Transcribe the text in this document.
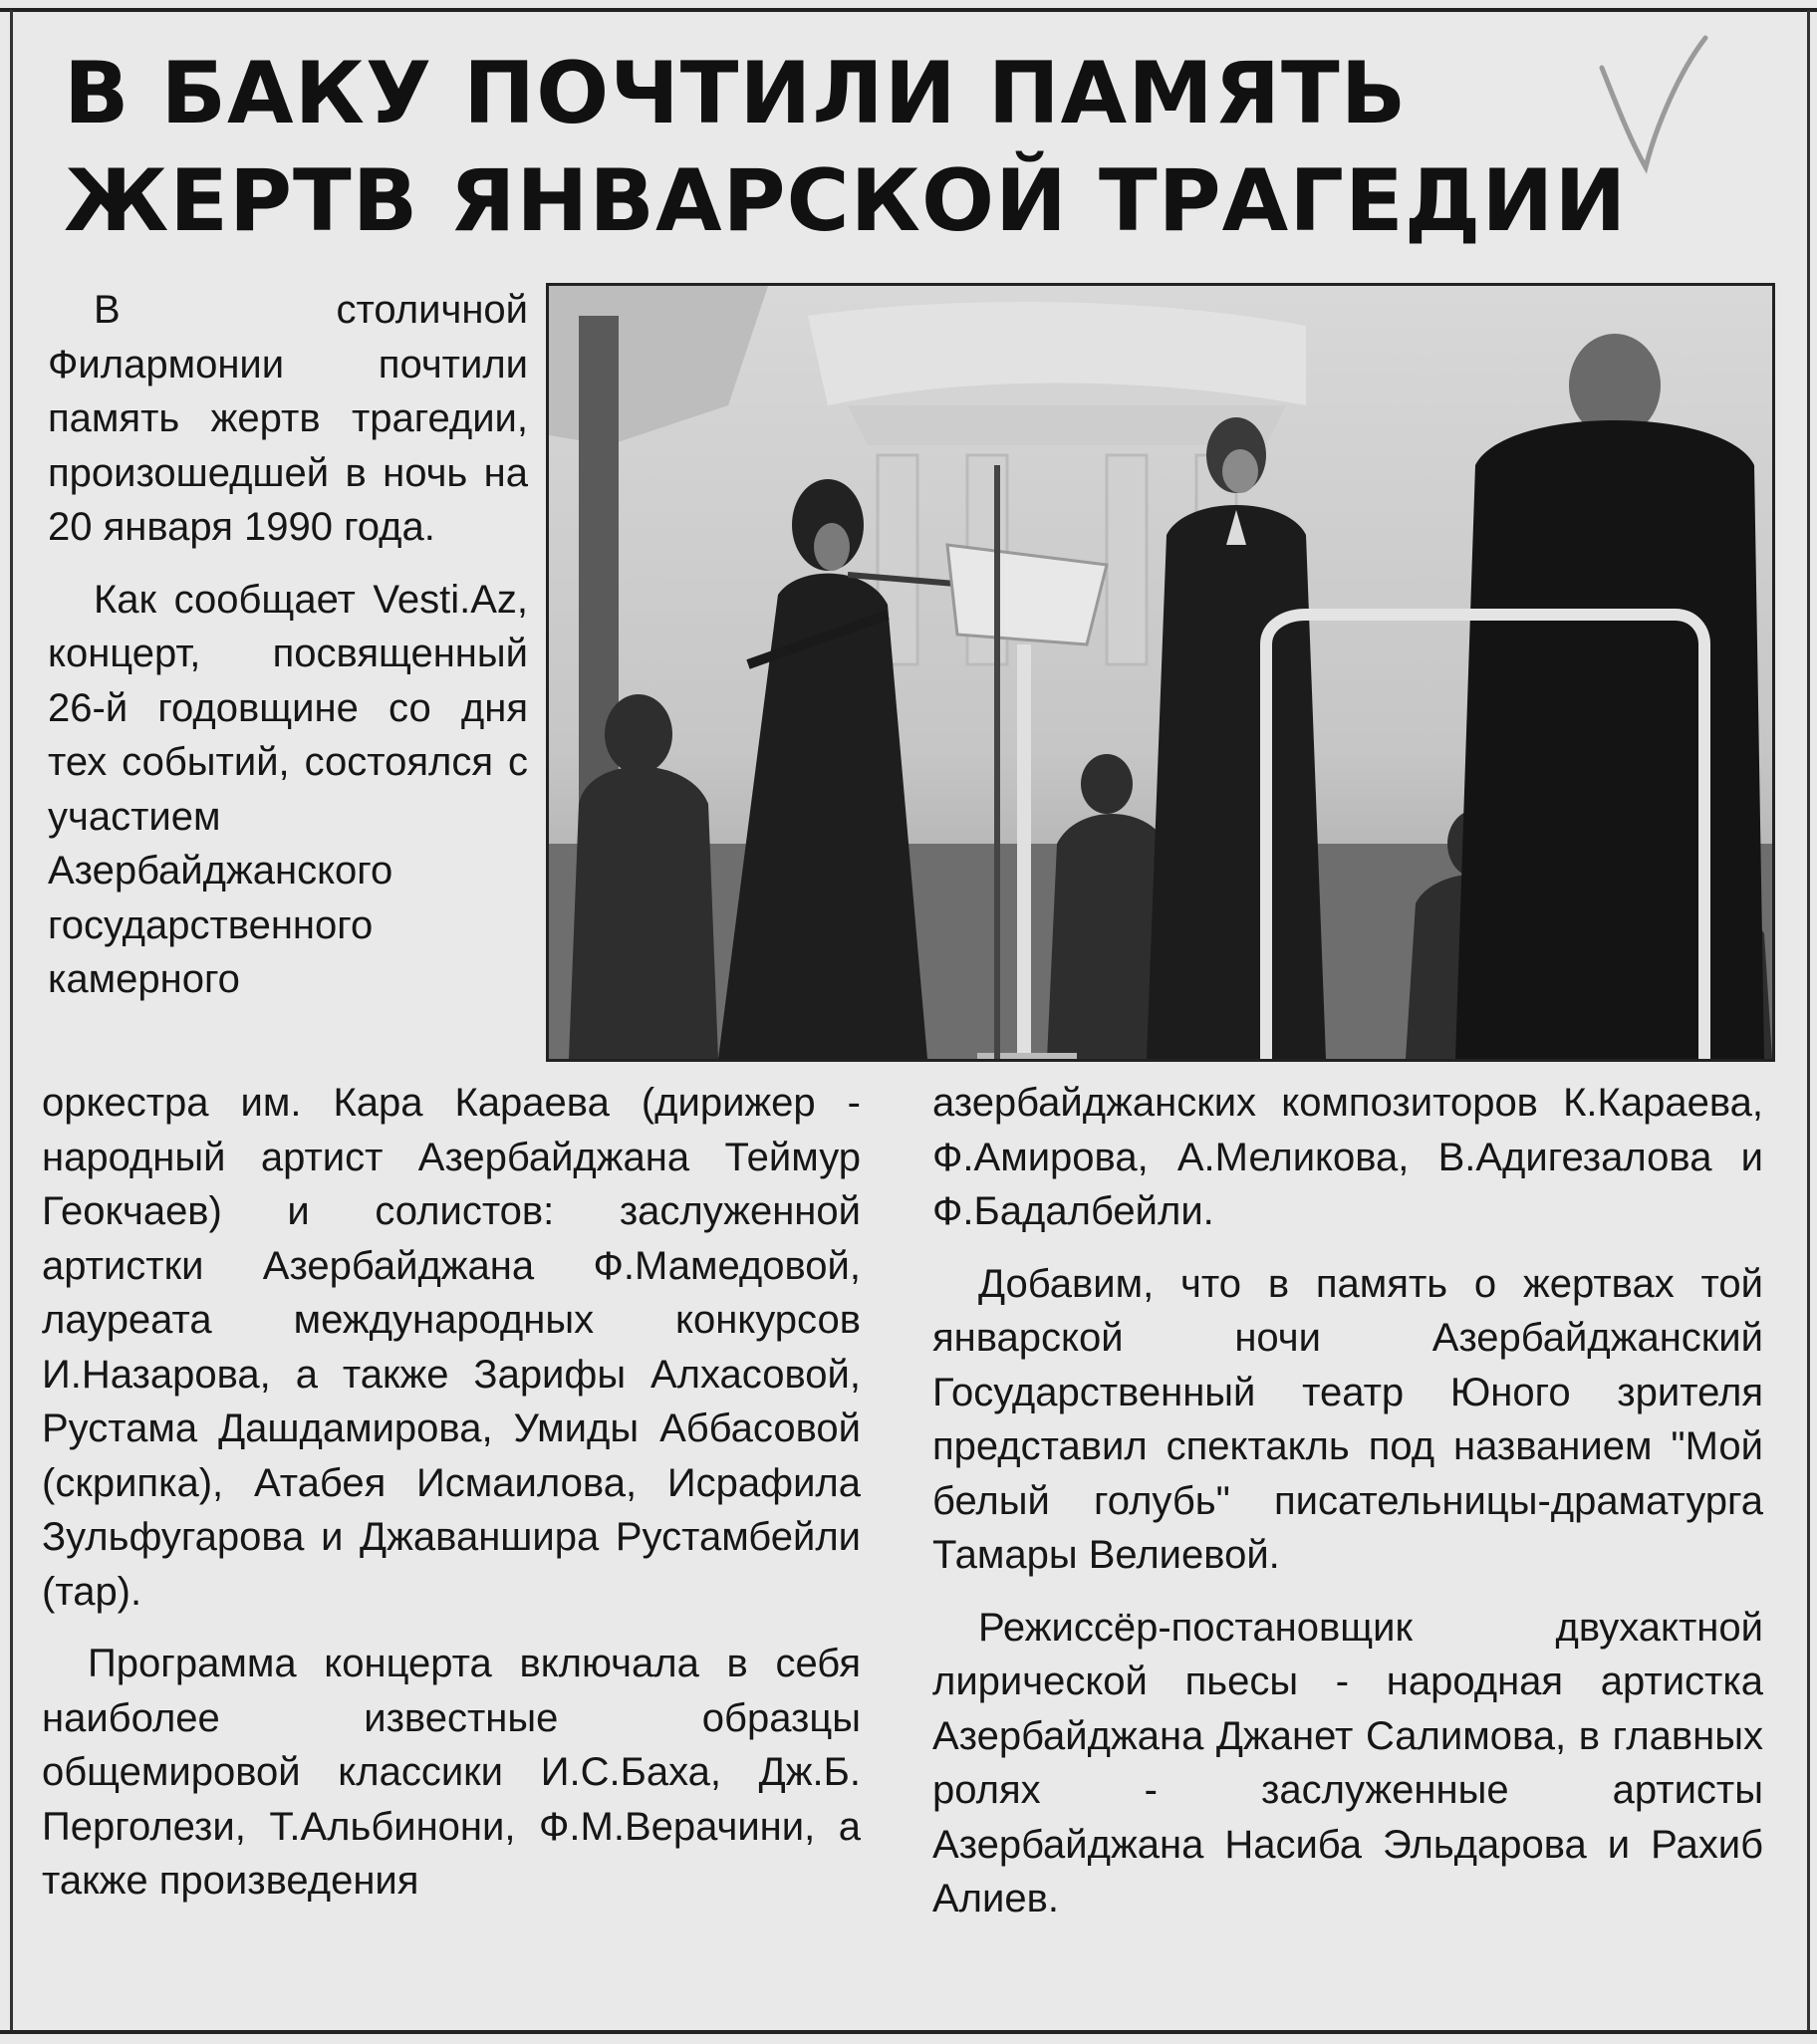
В БАКУ ПОЧТИЛИ ПАМЯТЬ
ЖЕРТВ ЯНВАРСКОЙ ТРАГЕДИИ

В столичной Филармонии почтили память жертв трагедии, произошедшей в ночь на 20 января 1990 года.

Как сообщает Vesti.Az, концерт, посвященный 26-й годовщине со дня тех событий, состоялся с участием Азербайджанского государственного камерного

оркестра им. Кара Караева (дирижер - народный артист Азербайджана Теймур Геокчаев) и солистов: заслуженной артистки Азербайджана Ф.Мамедовой, лауреата международных конкурсов И.Назарова, а также Зарифы Алхасовой, Рустама Дашдамирова, Умиды Аббасовой (скрипка), Атабея Исмаилова, Исрафила Зульфугарова и Джаваншира Рустамбейли (тар).

Программа концерта включала в себя наиболее известные образцы общемировой классики И.С.Баха, Дж.Б. Перголези, Т.Альбинони, Ф.М.Верачини, а также произведения

азербайджанских композиторов К.Караева, Ф.Амирова, А.Меликова, В.Адигезалова и Ф.Бадалбейли.

Добавим, что в память о жертвах той январской ночи Азербайджанский Государственный театр Юного зрителя представил спектакль под названием "Мой белый голубь" писательницы-драматурга Тамары Велиевой.

Режиссёр-постановщик двухактной лирической пьесы - народная артистка Азербайджана Джанет Салимова, в главных ролях - заслуженные артисты Азербайджана Насиба Эльдарова и Рахиб Алиев.
